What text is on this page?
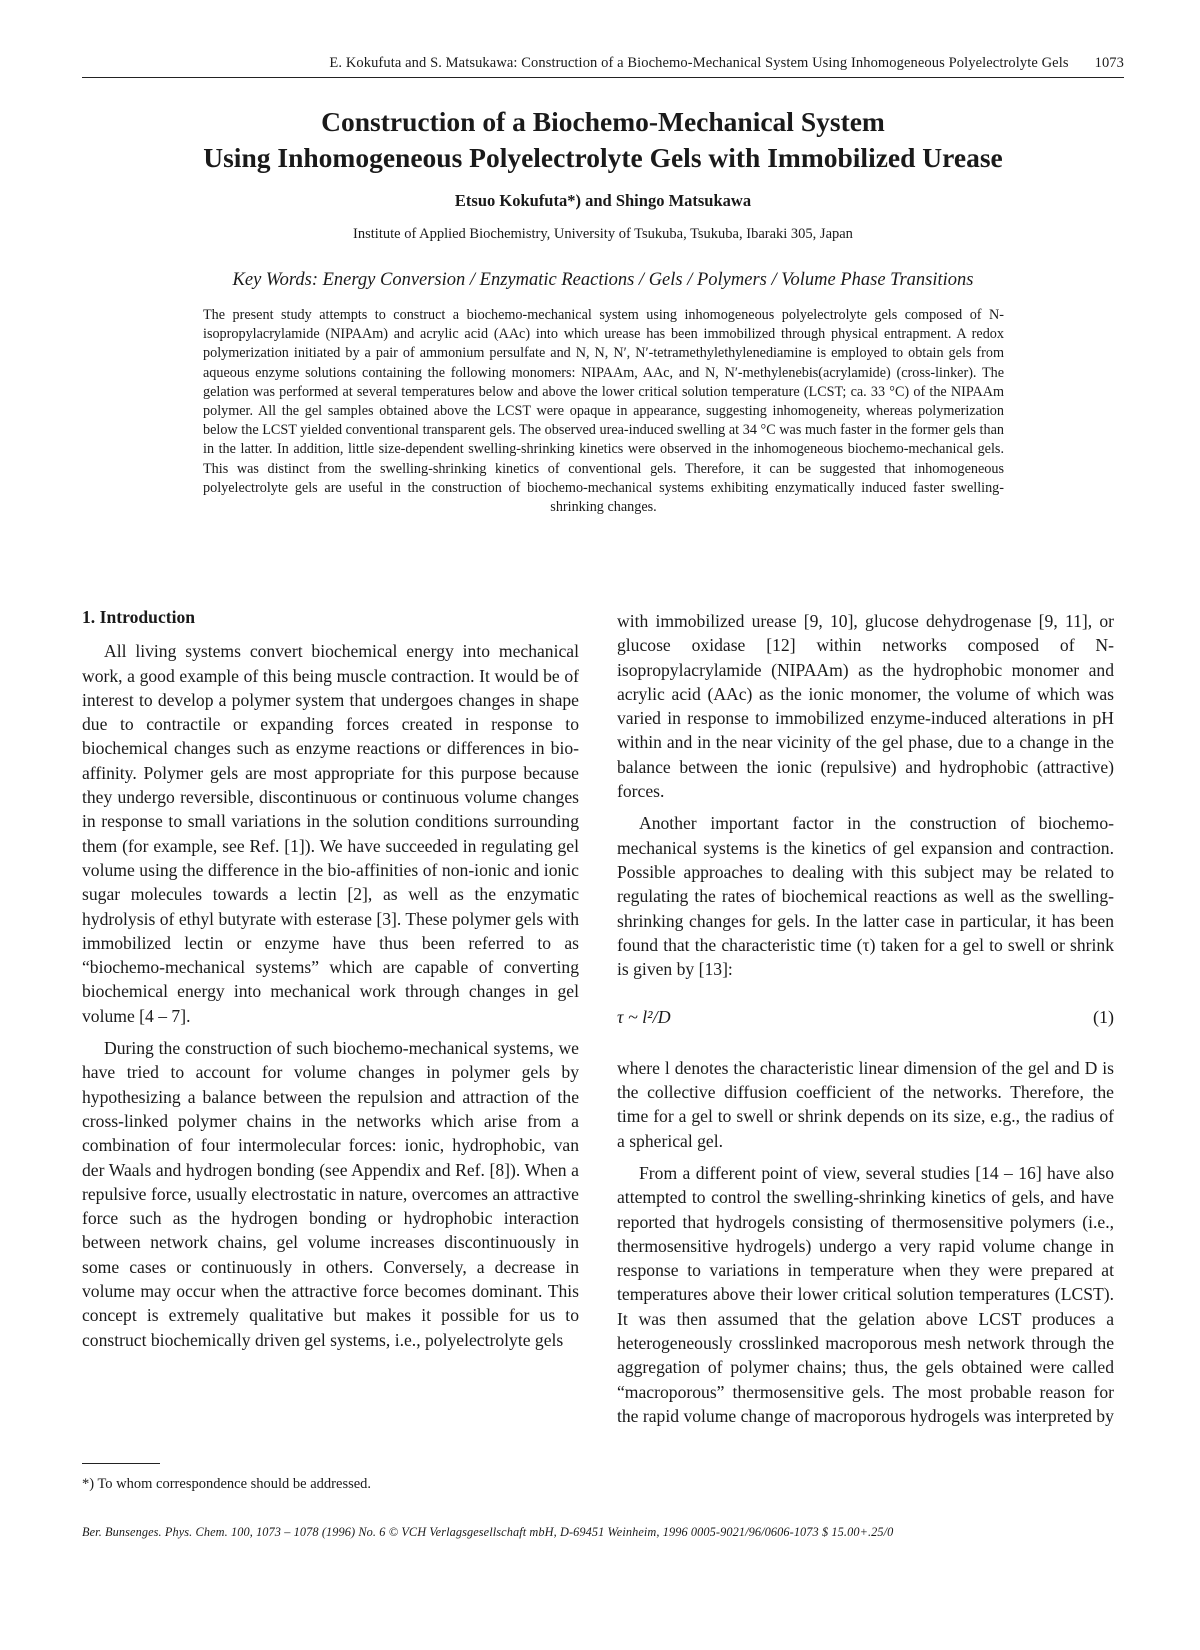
E. Kokufuta and S. Matsukawa: Construction of a Biochemo-Mechanical System Using Inhomogeneous Polyelectrolyte Gels 1073
Construction of a Biochemo-Mechanical System
Using Inhomogeneous Polyelectrolyte Gels with Immobilized Urease
Etsuo Kokufuta*) and Shingo Matsukawa
Institute of Applied Biochemistry, University of Tsukuba, Tsukuba, Ibaraki 305, Japan
Key Words: Energy Conversion / Enzymatic Reactions / Gels / Polymers / Volume Phase Transitions

The present study attempts to construct a biochemo-mechanical system using inhomogeneous polyelectrolyte gels composed of N-isopropylacrylamide (NIPAAm) and acrylic acid (AAc) into which urease has been immobilized through physical entrapment. A redox polymerization initiated by a pair of ammonium persulfate and N, N, N′, N′-tetramethylethylenediamine is employed to obtain gels from aqueous enzyme solutions containing the following monomers: NIPAAm, AAc, and N, N′-methylenebis(acrylamide) (cross-linker). The gelation was performed at several temperatures below and above the lower critical solution temperature (LCST; ca. 33 °C) of the NIPAAm polymer. All the gel samples obtained above the LCST were opaque in appearance, suggesting inhomogeneity, whereas polymerization below the LCST yielded conventional transparent gels. The observed urea-induced swelling at 34 °C was much faster in the former gels than in the latter. In addition, little size-dependent swelling-shrinking kinetics were observed in the inhomogeneous biochemo-mechanical gels. This was distinct from the swelling-shrinking kinetics of conventional gels. Therefore, it can be suggested that inhomogeneous polyelectrolyte gels are useful in the construction of biochemo-mechanical systems exhibiting enzymatically induced faster swelling-shrinking changes.

1. Introduction

All living systems convert biochemical energy into mechanical work, a good example of this being muscle contraction. It would be of interest to develop a polymer system that undergoes changes in shape due to contractile or expanding forces created in response to biochemical changes such as enzyme reactions or differences in bio-affinity. Polymer gels are most appropriate for this purpose because they undergo reversible, discontinuous or continuous volume changes in response to small variations in the solution conditions surrounding them (for example, see Ref. [1]). We have succeeded in regulating gel volume using the difference in the bio-affinities of non-ionic and ionic sugar molecules towards a lectin [2], as well as the enzymatic hydrolysis of ethyl butyrate with esterase [3]. These polymer gels with immobilized lectin or enzyme have thus been referred to as “biochemo-mechanical systems” which are capable of converting biochemical energy into mechanical work through changes in gel volume [4 – 7].

During the construction of such biochemo-mechanical systems, we have tried to account for volume changes in polymer gels by hypothesizing a balance between the repulsion and attraction of the cross-linked polymer chains in the networks which arise from a combination of four intermolecular forces: ionic, hydrophobic, van der Waals and hydrogen bonding (see Appendix and Ref. [8]). When a repulsive force, usually electrostatic in nature, overcomes an attractive force such as the hydrogen bonding or hydrophobic interaction between network chains, gel volume increases discontinuously in some cases or continuously in others. Conversely, a decrease in volume may occur when the attractive force becomes dominant. This concept is extremely qualitative but makes it possible for us to construct biochemically driven gel systems, i.e., polyelectrolyte gels

with immobilized urease [9, 10], glucose dehydrogenase [9, 11], or glucose oxidase [12] within networks composed of N-isopropylacrylamide (NIPAAm) as the hydrophobic monomer and acrylic acid (AAc) as the ionic monomer, the volume of which was varied in response to immobilized enzyme-induced alterations in pH within and in the near vicinity of the gel phase, due to a change in the balance between the ionic (repulsive) and hydrophobic (attractive) forces.

Another important factor in the construction of biochemo-mechanical systems is the kinetics of gel expansion and contraction. Possible approaches to dealing with this subject may be related to regulating the rates of biochemical reactions as well as the swelling-shrinking changes for gels. In the latter case in particular, it has been found that the characteristic time (τ) taken for a gel to swell or shrink is given by [13]:

τ ~ l²/D	(1)

where l denotes the characteristic linear dimension of the gel and D is the collective diffusion coefficient of the networks. Therefore, the time for a gel to swell or shrink depends on its size, e.g., the radius of a spherical gel.

From a different point of view, several studies [14 – 16] have also attempted to control the swelling-shrinking kinetics of gels, and have reported that hydrogels consisting of thermosensitive polymers (i.e., thermosensitive hydrogels) undergo a very rapid volume change in response to variations in temperature when they were prepared at temperatures above their lower critical solution temperatures (LCST). It was then assumed that the gelation above LCST produces a heterogeneously crosslinked macroporous mesh network through the aggregation of polymer chains; thus, the gels obtained were called “macroporous” thermosensitive gels. The most probable reason for the rapid volume change of macroporous hydrogels was interpreted by

*) To whom correspondence should be addressed.
Ber. Bunsenges. Phys. Chem. 100, 1073 – 1078 (1996) No. 6 © VCH Verlagsgesellschaft mbH, D-69451 Weinheim, 1996 0005-9021/96/0606-1073 $ 15.00+.25/0
